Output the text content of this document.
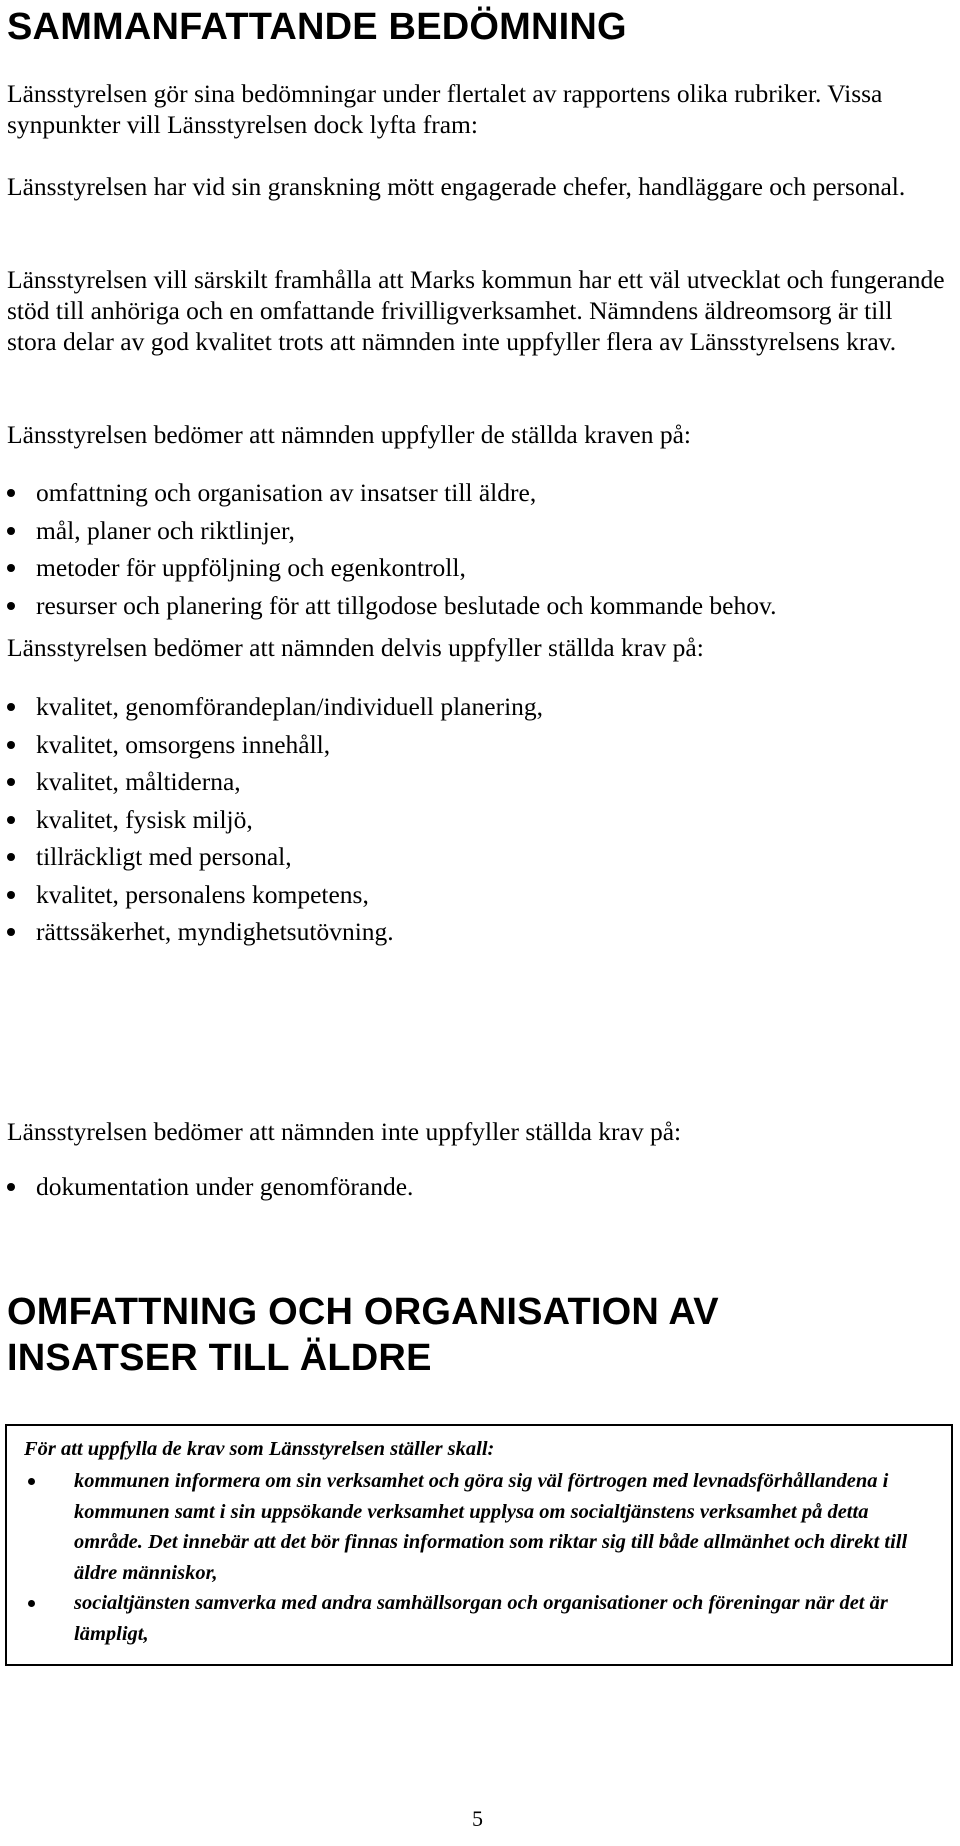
SAMMANFATTANDE BEDÖMNING

Länsstyrelsen gör sina bedömningar under flertalet av rapportens olika rubriker. Vissa synpunkter vill Länsstyrelsen dock lyfta fram:

Länsstyrelsen har vid sin granskning mött engagerade chefer, handläggare och personal.

Länsstyrelsen vill särskilt framhålla att Marks kommun har ett väl utvecklat och fungerande stöd till anhöriga och en omfattande frivilligverksamhet. Nämndens äldreomsorg är till stora delar av god kvalitet trots att nämnden inte uppfyller flera av Länsstyrelsens krav.

Länsstyrelsen bedömer att nämnden uppfyller de ställda kraven på:

omfattning och organisation av insatser till äldre,
mål, planer och riktlinjer,
metoder för uppföljning och egenkontroll,
resurser och planering för att tillgodose beslutade och kommande behov.

Länsstyrelsen bedömer att nämnden delvis uppfyller ställda krav på:

kvalitet, genomförandeplan/individuell planering,
kvalitet, omsorgens innehåll,
kvalitet, måltiderna,
kvalitet, fysisk miljö,
tillräckligt med personal,
kvalitet, personalens kompetens,
rättssäkerhet, myndighetsutövning.

Länsstyrelsen bedömer att nämnden inte uppfyller ställda krav på:

dokumentation under genomförande.
OMFATTNING OCH ORGANISATION AV
INSATSER TILL ÄLDRE

För att uppfylla de krav som Länsstyrelsen ställer skall:

kommunen informera om sin verksamhet och göra sig väl förtrogen med levnadsförhållandena i kommunen samt i sin uppsökande verksamhet upplysa om socialtjänstens verksamhet på detta område. Det innebär att det bör finnas information som riktar sig till både allmänhet och direkt till äldre människor,
socialtjänsten samverka med andra samhällsorgan och organisationer och föreningar när det är lämpligt,

5
